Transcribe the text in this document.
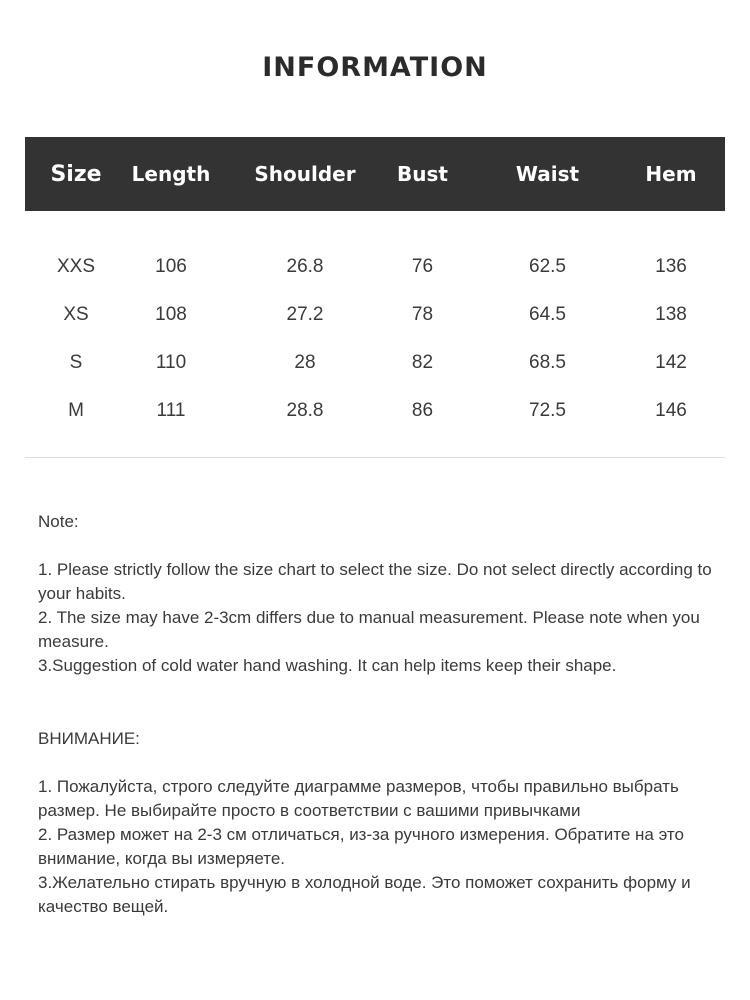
INFORMATION
Size	Length	Shoulder	Bust	Waist	Hem
XXS	106	26.8	76	62.5	136
XS	108	27.2	78	64.5	138
S	110	28	82	68.5	142
M	111	28.8	86	72.5	146

Note:

1. Please strictly follow the size chart to select the size. Do not select directly according to your habits.

2. The size may have 2-3cm differs due to manual measurement. Please note when you measure.

3.Suggestion of cold water hand washing. It can help items keep their shape.

ВНИМАНИЕ:

1. Пожалуйста, строго следуйте диаграмме размеров, чтобы правильно выбрать размер. Не выбирайте просто в соответствии с вашими привычками

2. Размер может на 2-3 см отличаться, из-за ручного измерения. Обратите на это внимание, когда вы измеряете.

3.Желательно стирать вручную в холодной воде. Это поможет сохранить форму и качество вещей.
